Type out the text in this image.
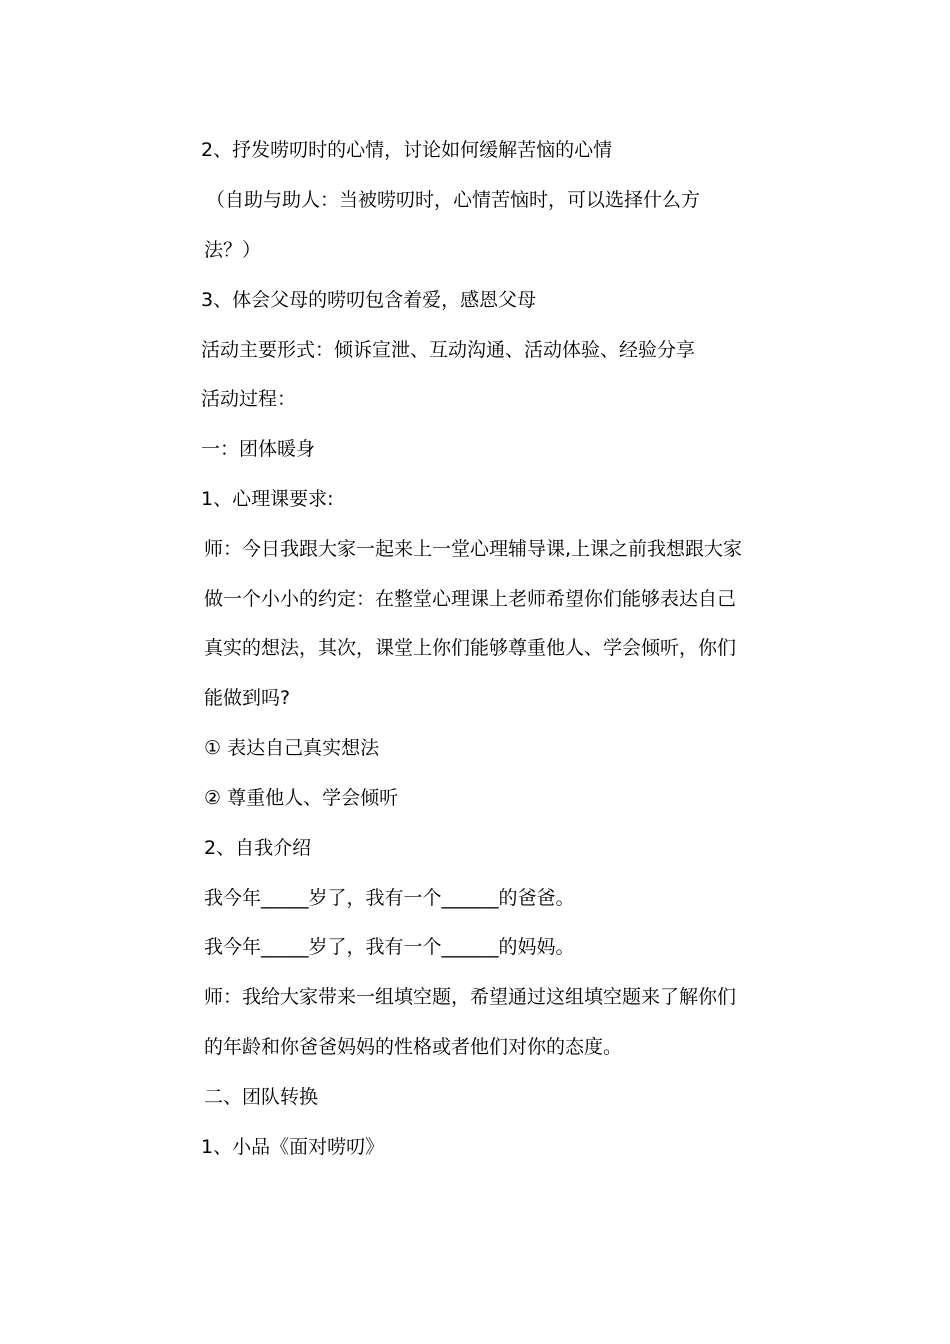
2、抒发唠叨时的心情，讨论如何缓解苦恼的心情
（自助与助人：当被唠叨时，心情苦恼时，可以选择什么方
法？）
3、体会父母的唠叨包含着爱，感恩父母
活动主要形式：倾诉宣泄、互动沟通、活动体验、经验分享
活动过程：
一：团体暖身
1、心理课要求:
师：今日我跟大家一起来上一堂心理辅导课,上课之前我想跟大家
做一个小小的约定：在整堂心理课上老师希望你们能够表达自己
真实的想法，其次，课堂上你们能够尊重他人、学会倾听，你们
能做到吗?
① 表达自己真实想法
② 尊重他人、学会倾听
2、自我介绍
我今年_____岁了，我有一个______的爸爸。
我今年_____岁了，我有一个______的妈妈。
师：我给大家带来一组填空题，希望通过这组填空题来了解你们
的年龄和你爸爸妈妈的性格或者他们对你的态度。
二、团队转换
1、小品《面对唠叨》
